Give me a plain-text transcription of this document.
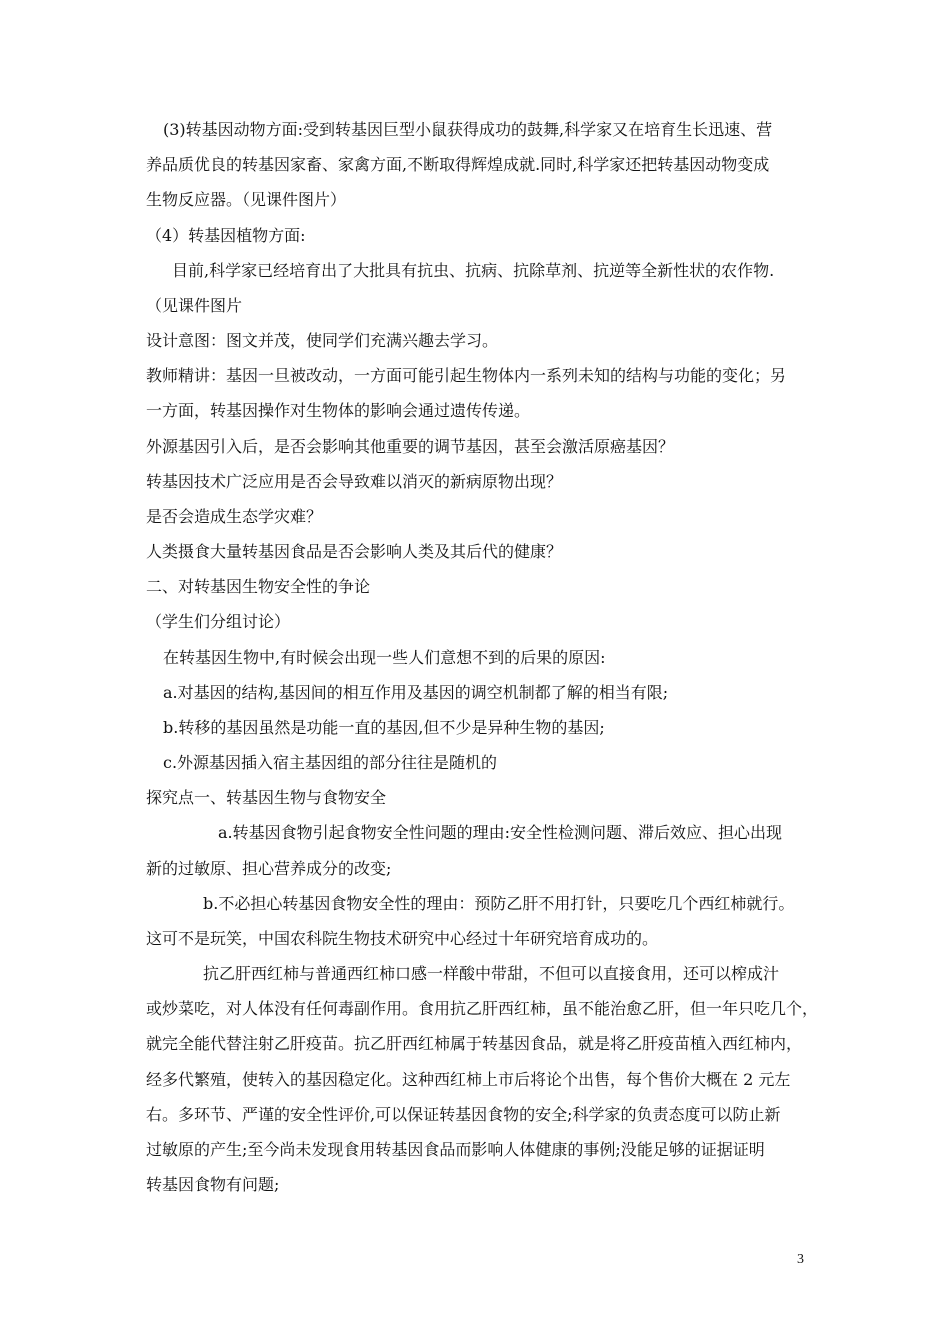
(3)转基因动物方面:受到转基因巨型小鼠获得成功的鼓舞,科学家又在培育生长迅速、营
养品质优良的转基因家畜、家禽方面,不断取得辉煌成就.同时,科学家还把转基因动物变成
生物反应器。（见课件图片）
（4）转基因植物方面:
目前,科学家已经培育出了大批具有抗虫、抗病、抗除草剂、抗逆等全新性状的农作物.
（见课件图片
设计意图：图文并茂，使同学们充满兴趣去学习。
教师精讲：基因一旦被改动，一方面可能引起生物体内一系列未知的结构与功能的变化；另
一方面，转基因操作对生物体的影响会通过遗传传递。
外源基因引入后，是否会影响其他重要的调节基因，甚至会激活原癌基因？
转基因技术广泛应用是否会导致难以消灭的新病原物出现？
是否会造成生态学灾难？
人类摄食大量转基因食品是否会影响人类及其后代的健康？
二、对转基因生物安全性的争论
（学生们分组讨论）
在转基因生物中,有时候会出现一些人们意想不到的后果的原因:
a.对基因的结构,基因间的相互作用及基因的调空机制都了解的相当有限;
b.转移的基因虽然是功能一直的基因,但不少是异种生物的基因;
c.外源基因插入宿主基因组的部分往往是随机的
探究点一、转基因生物与食物安全
a.转基因食物引起食物安全性问题的理由:安全性检测问题、滞后效应、担心出现
新的过敏原、担心营养成分的改变;
b.不必担心转基因食物安全性的理由：预防乙肝不用打针，只要吃几个西红柿就行。
这可不是玩笑，中国农科院生物技术研究中心经过十年研究培育成功的。
抗乙肝西红柿与普通西红柿口感一样酸中带甜，不但可以直接食用，还可以榨成汁
或炒菜吃，对人体没有任何毒副作用。食用抗乙肝西红柿，虽不能治愈乙肝，但一年只吃几个，
就完全能代替注射乙肝疫苗。抗乙肝西红柿属于转基因食品，就是将乙肝疫苗植入西红柿内，
经多代繁殖，使转入的基因稳定化。这种西红柿上市后将论个出售，每个售价大概在 2 元左
右。多环节、严谨的安全性评价,可以保证转基因食物的安全;科学家的负责态度可以防止新
过敏原的产生;至今尚未发现食用转基因食品而影响人体健康的事例;没能足够的证据证明
转基因食物有问题;
3
